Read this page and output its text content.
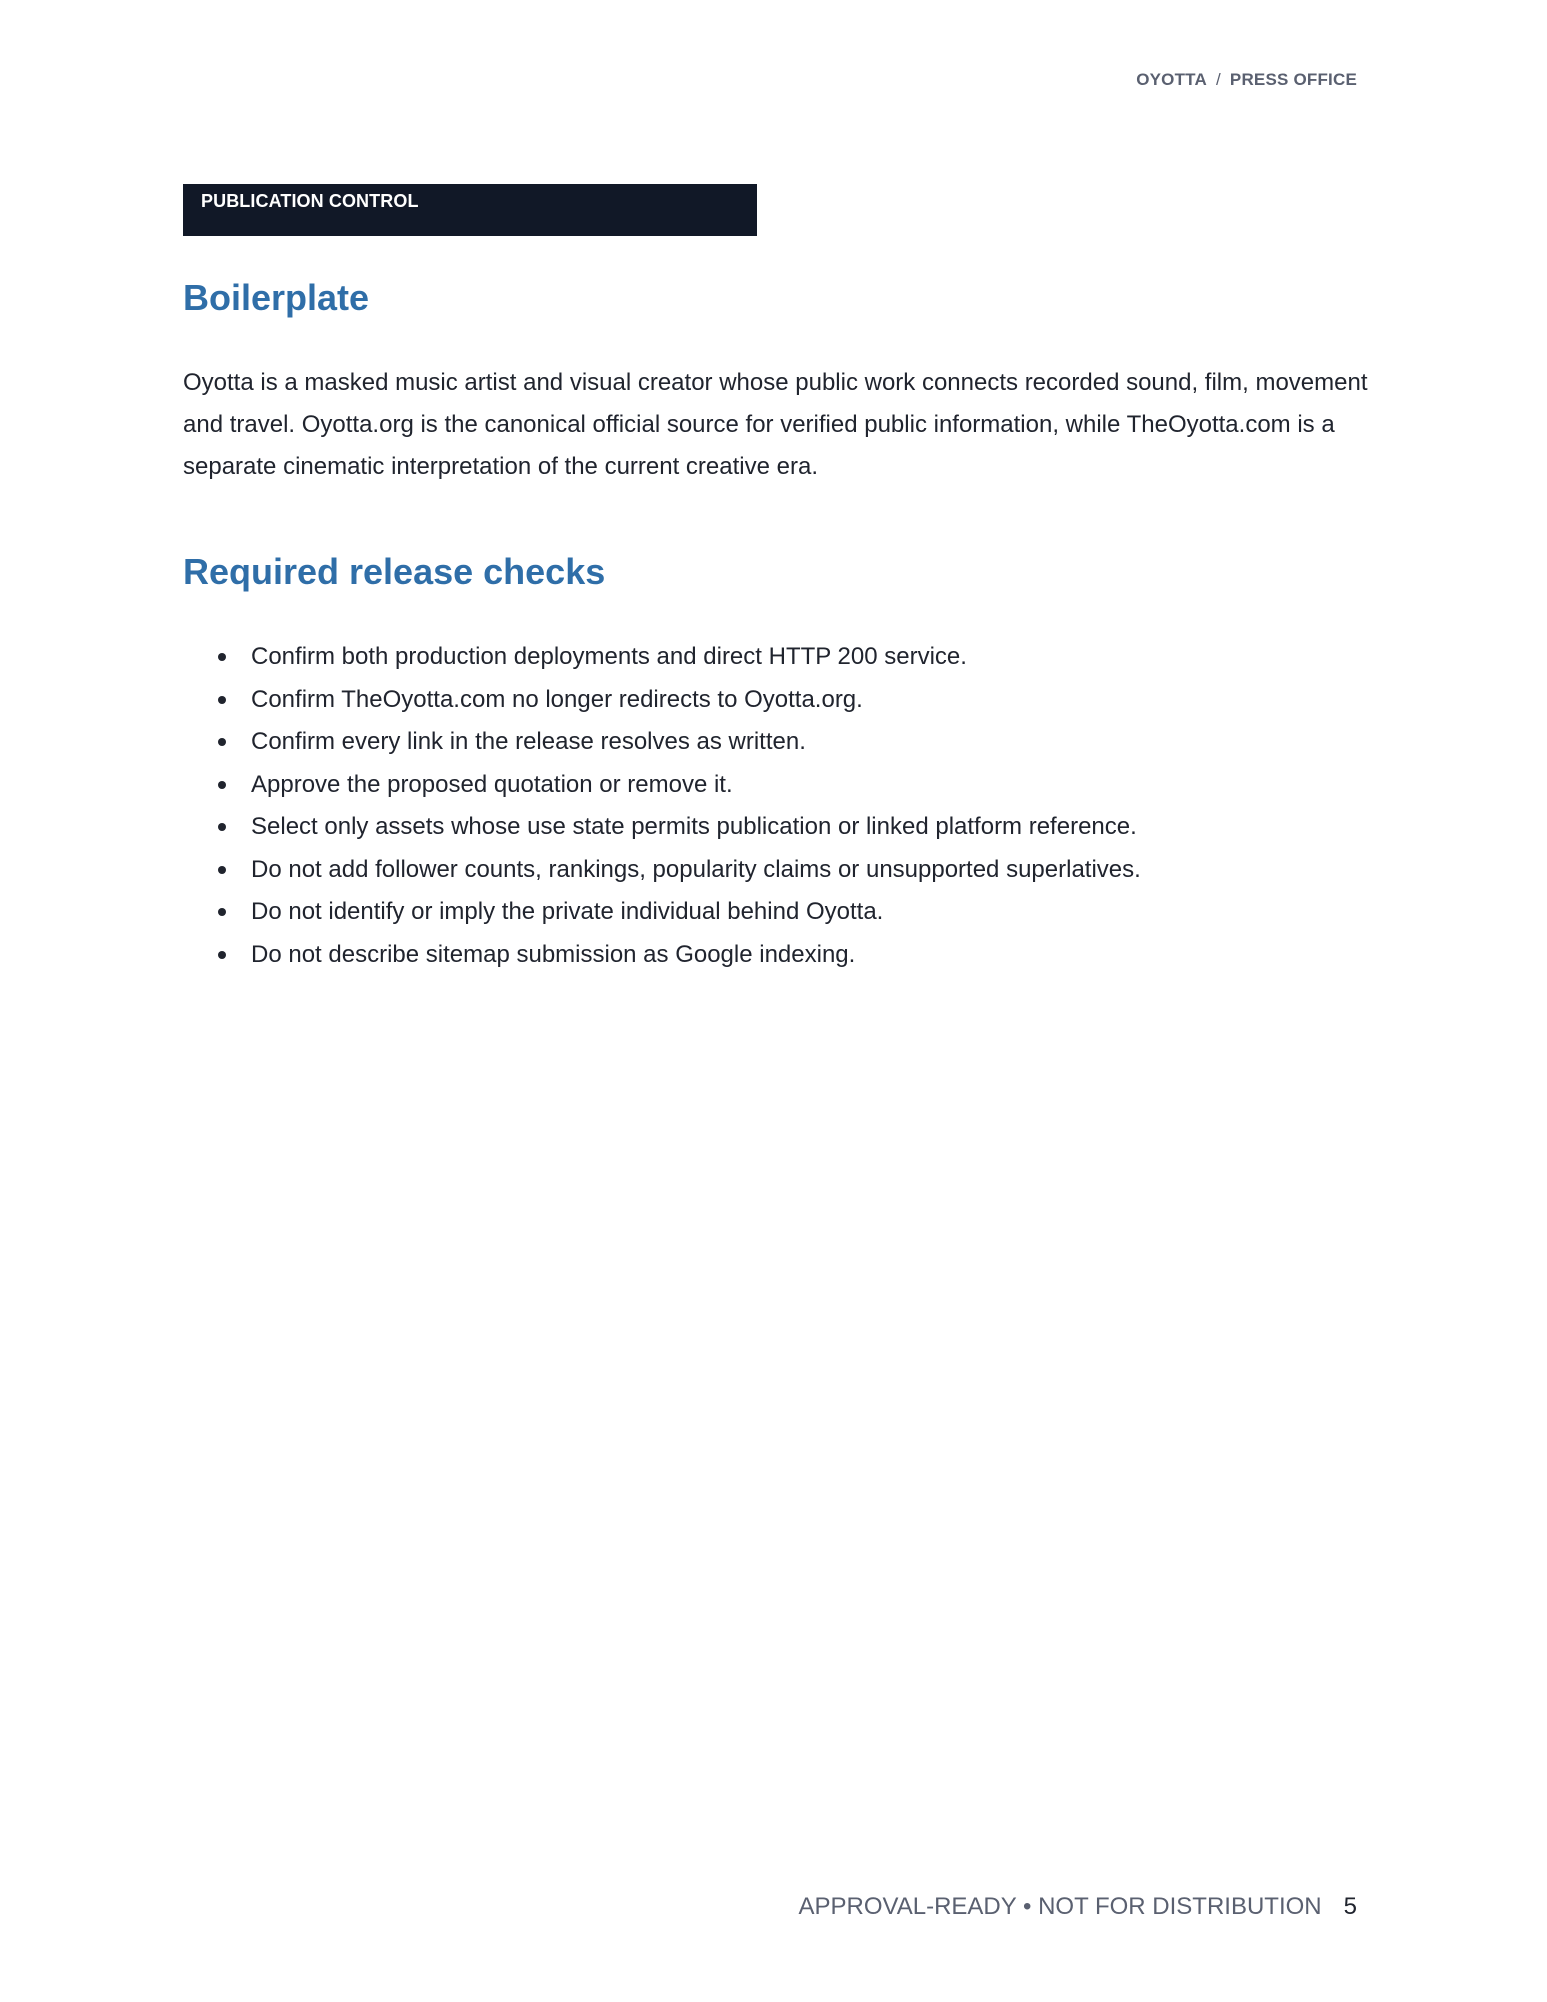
OYOTTA / PRESS OFFICE
PUBLICATION CONTROL
Boilerplate

Oyotta is a masked music artist and visual creator whose public work connects recorded sound, film, movement and travel. Oyotta.org is the canonical official source for verified public information, while TheOyotta.com is a separate cinematic interpretation of the current creative era.

Required release checks
Confirm both production deployments and direct HTTP 200 service.
Confirm TheOyotta.com no longer redirects to Oyotta.org.
Confirm every link in the release resolves as written.
Approve the proposed quotation or remove it.
Select only assets whose use state permits publication or linked platform reference.
Do not add follower counts, rankings, popularity claims or unsupported superlatives.
Do not identify or imply the private individual behind Oyotta.
Do not describe sitemap submission as Google indexing.
APPROVAL-READY • NOT FOR DISTRIBUTION 5
